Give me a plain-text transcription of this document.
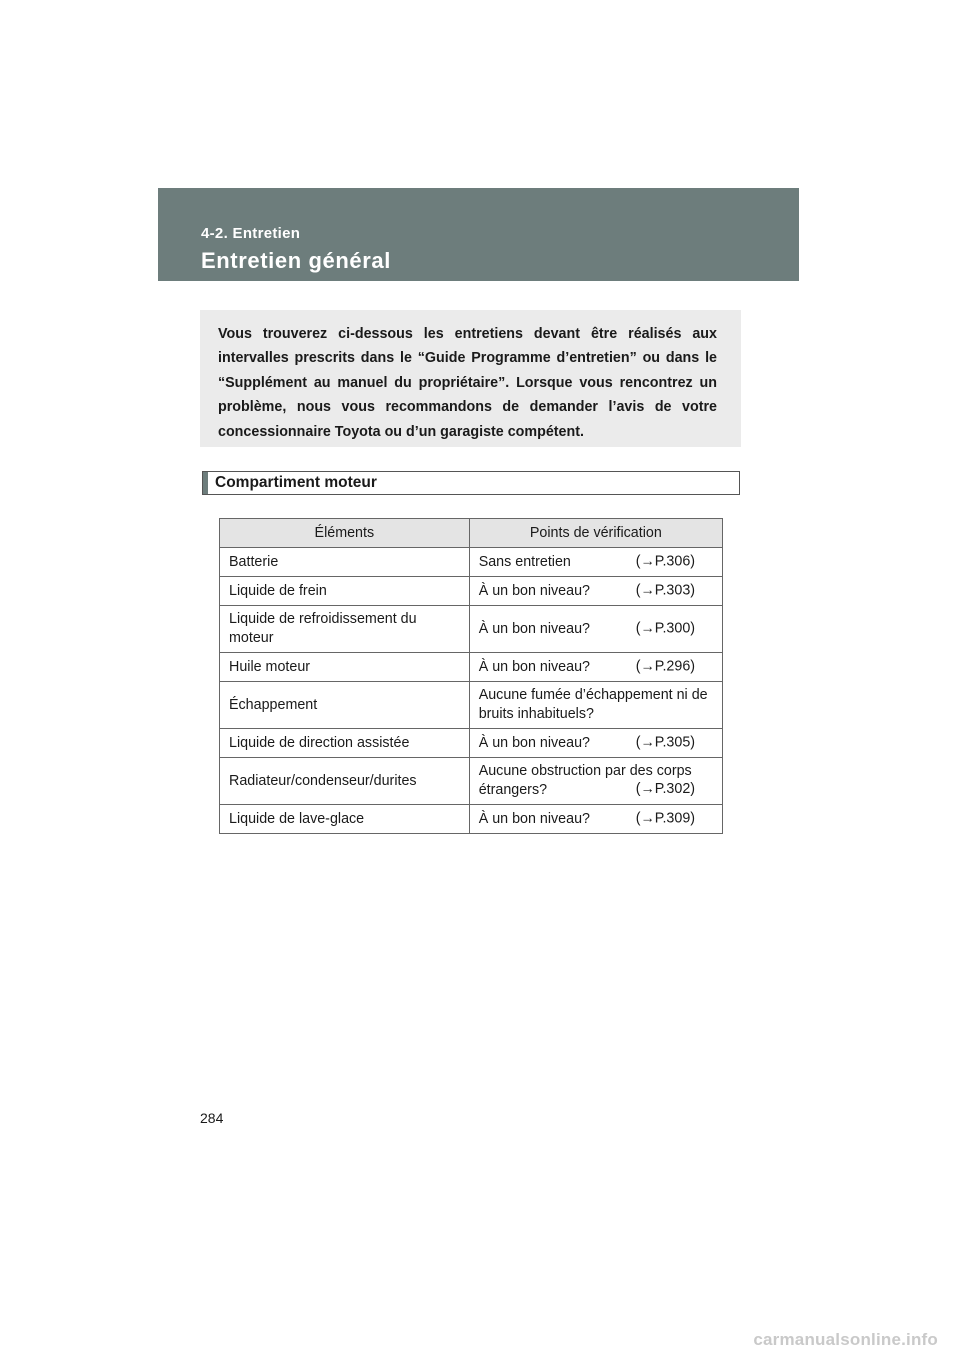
4-2. Entretien
Entretien général

Vous trouverez ci-dessous les entretiens devant être réalisés aux intervalles prescrits dans le “Guide Programme d’entretien” ou dans le “Supplément au manuel du propriétaire”. Lorsque vous rencontrez un problème, nous vous recommandons de demander l’avis de votre concessionnaire Toyota ou d’un garagiste compétent.

Compartiment moteur
Éléments	Points de vérification
Batterie	Sans entretien (→P.306)

Liquide de frein	À un bon niveau? (→P.303)

Liquide de refroidissement du moteur	À un bon niveau? (→P.300)

Huile moteur	À un bon niveau? (→P.296)

Échappement	Aucune fumée d’échappement ni de bruits inhabituels?
Liquide de direction assistée	À un bon niveau? (→P.305)

Radiateur/condenseur/durites	Aucune obstruction par des corps étrangers? (→P.302)

Liquide de lave-glace	À un bon niveau? (→P.309)
284
carmanualsonline.info
